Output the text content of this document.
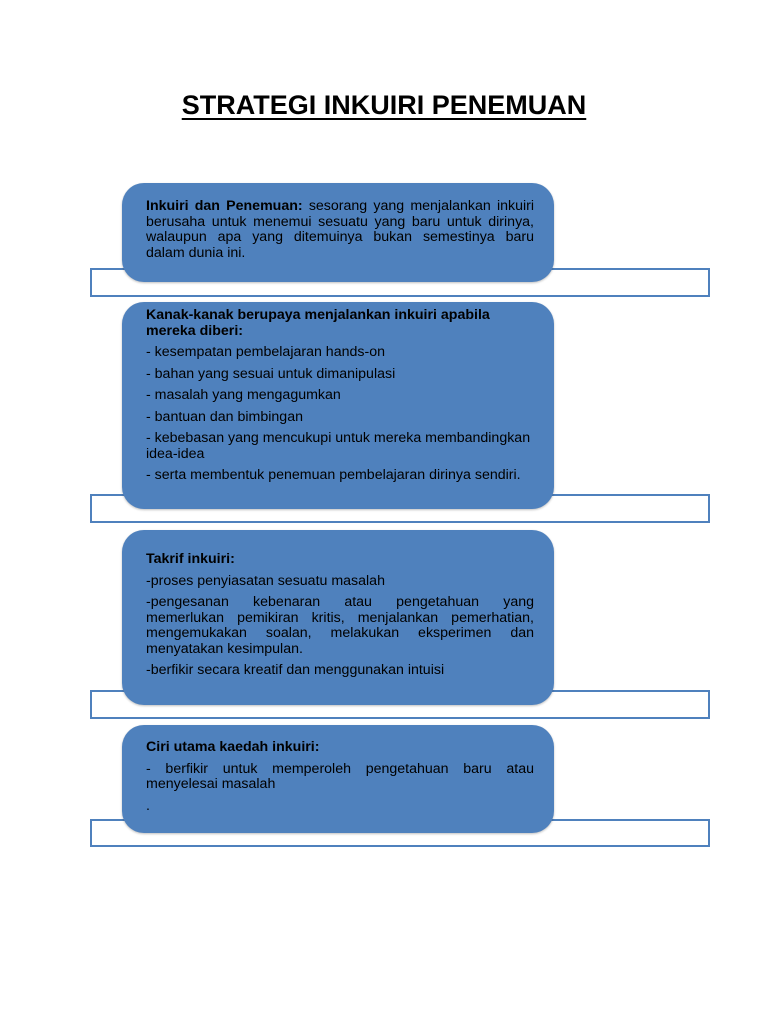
STRATEGI INKUIRI PENEMUAN

Inkuiri dan Penemuan: sesorang yang menjalankan inkuiri berusaha untuk menemui sesuatu yang baru untuk dirinya, walaupun apa yang ditemuinya bukan semestinya baru dalam dunia ini.

Kanak-kanak berupaya menjalankan inkuiri apabila mereka diberi:

- kesempatan pembelajaran hands-on
- bahan yang sesuai untuk dimanipulasi
- masalah yang mengagumkan
- bantuan dan bimbingan
- kebebasan yang mencukupi untuk mereka membandingkan idea-idea
- serta membentuk penemuan pembelajaran dirinya sendiri.

Takrif inkuiri:

-proses penyiasatan sesuatu masalah
-pengesanan kebenaran atau pengetahuan yang memerlukan pemikiran kritis, menjalankan pemerhatian, mengemukakan soalan, melakukan eksperimen dan menyatakan kesimpulan.
-berfikir secara kreatif dan menggunakan intuisi

Ciri utama kaedah inkuiri:

- berfikir untuk memperoleh pengetahuan baru atau menyelesai masalah
.
